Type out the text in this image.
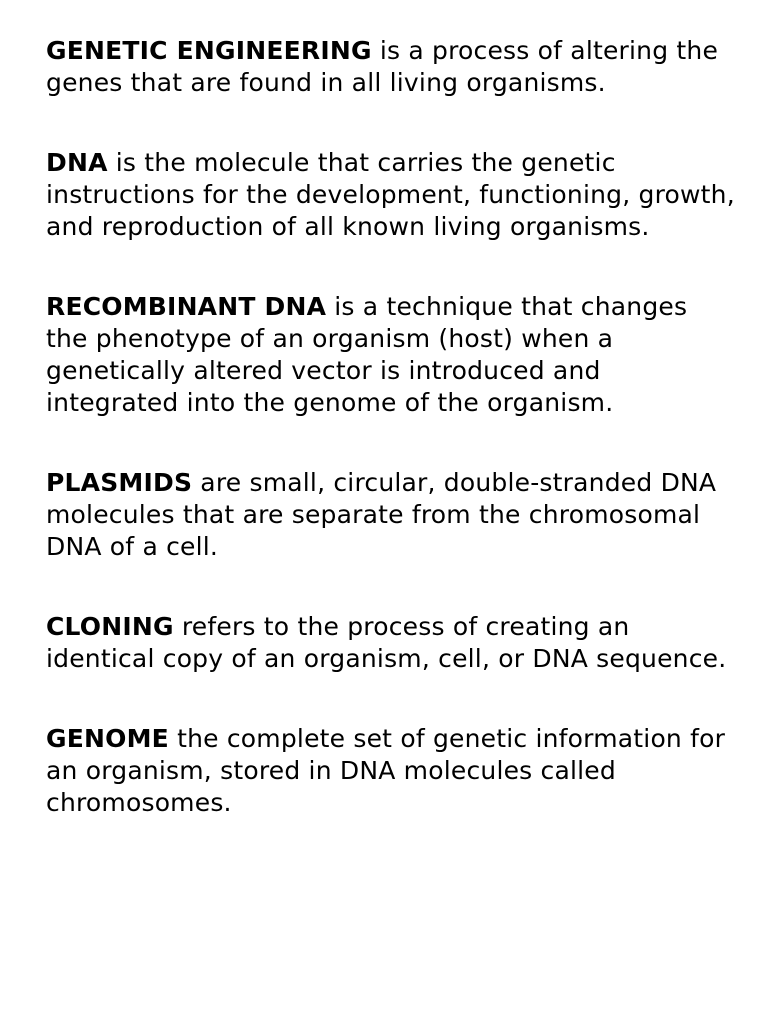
GENETIC ENGINEERING is a process of altering the genes that are found in all living organisms.

DNA is the molecule that carries the genetic instructions for the development, functioning, growth, and reproduction of all known living organisms.

RECOMBINANT DNA is a technique that changes the phenotype of an organism (host) when a genetically altered vector is introduced and integrated into the genome of the organism.

PLASMIDS are small, circular, double-stranded DNA molecules that are separate from the chromosomal DNA of a cell.

CLONING refers to the process of creating an identical copy of an organism, cell, or DNA sequence.

GENOME the complete set of genetic information for an organism, stored in DNA molecules called chromosomes.
